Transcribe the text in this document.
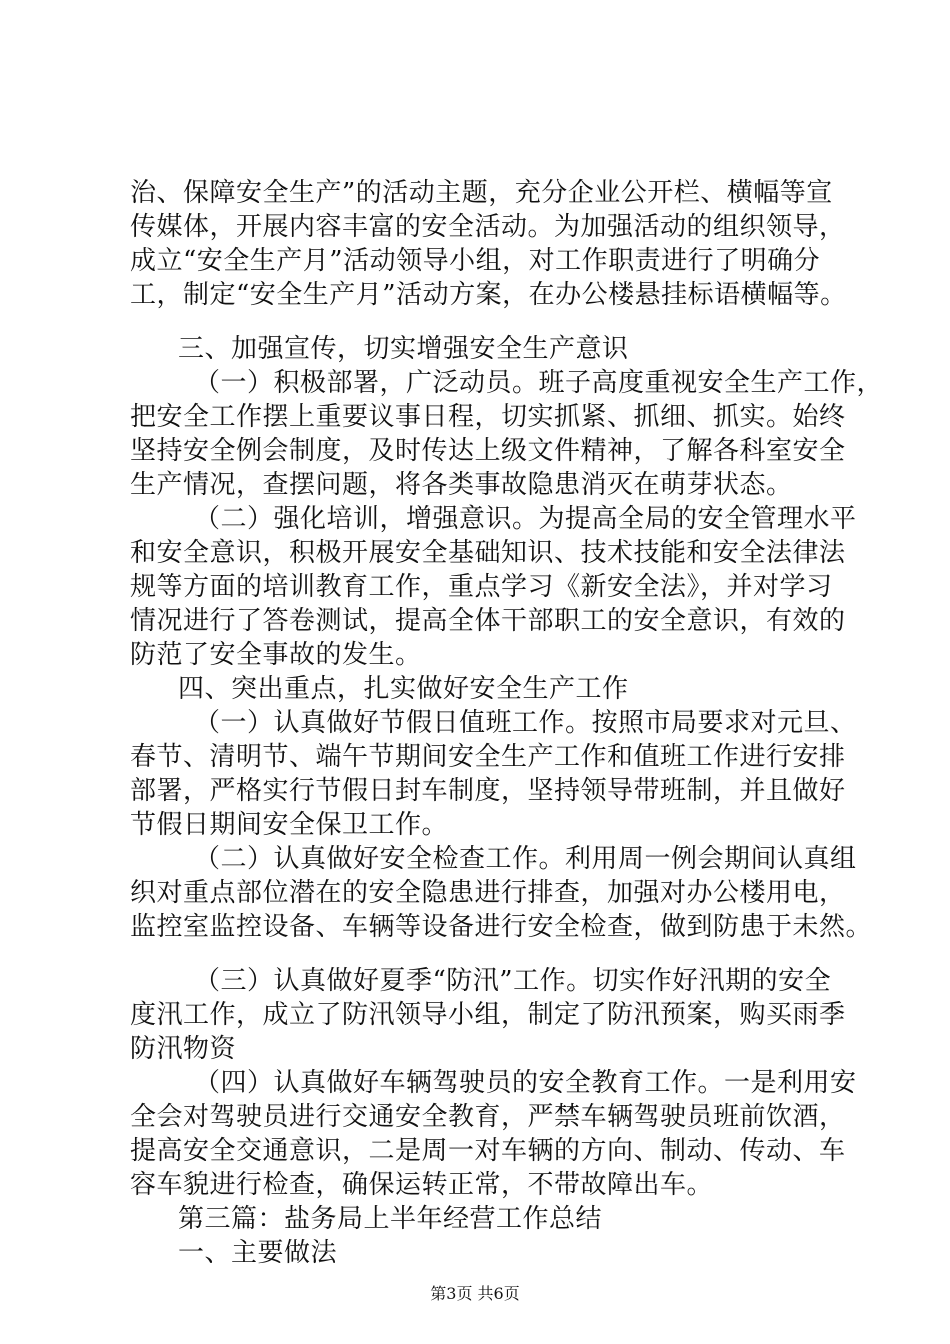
治、保障安全生产”的活动主题，充分企业公开栏、横幅等宣
传媒体，开展内容丰富的安全活动。为加强活动的组织领导，
成立“安全生产月”活动领导小组，对工作职责进行了明确分
工，制定“安全生产月”活动方案，在办公楼悬挂标语横幅等。
三、加强宣传，切实增强安全生产意识
（一）积极部署，广泛动员。班子高度重视安全生产工作，
把安全工作摆上重要议事日程，切实抓紧、抓细、抓实。始终
坚持安全例会制度，及时传达上级文件精神，了解各科室安全
生产情况，查摆问题，将各类事故隐患消灭在萌芽状态。
（二）强化培训，增强意识。为提高全局的安全管理水平
和安全意识，积极开展安全基础知识、技术技能和安全法律法
规等方面的培训教育工作，重点学习《新安全法》，并对学习
情况进行了答卷测试，提高全体干部职工的安全意识，有效的
防范了安全事故的发生。
四、突出重点，扎实做好安全生产工作
（一）认真做好节假日值班工作。按照市局要求对元旦、
春节、清明节、端午节期间安全生产工作和值班工作进行安排
部署，严格实行节假日封车制度，坚持领导带班制，并且做好
节假日期间安全保卫工作。
（二）认真做好安全检查工作。利用周一例会期间认真组
织对重点部位潜在的安全隐患进行排查，加强对办公楼用电，
监控室监控设备、车辆等设备进行安全检查，做到防患于未然。
（三）认真做好夏季“防汛”工作。切实作好汛期的安全
度汛工作，成立了防汛领导小组，制定了防汛预案，购买雨季
防汛物资
（四）认真做好车辆驾驶员的安全教育工作。一是利用安
全会对驾驶员进行交通安全教育，严禁车辆驾驶员班前饮酒，
提高安全交通意识，二是周一对车辆的方向、制动、传动、车
容车貌进行检查，确保运转正常，不带故障出车。
第三篇：盐务局上半年经营工作总结
第3页 共6页
一、主要做法
